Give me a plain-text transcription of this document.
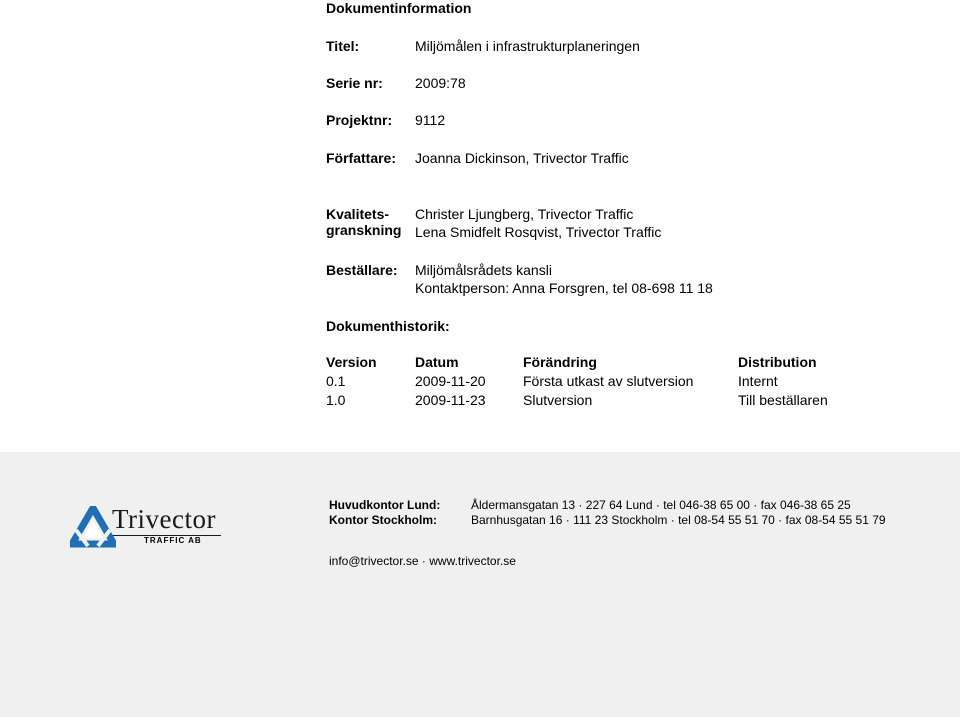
Dokumentinformation
Titel:	Miljömålen i infrastrukturplaneringen
Serie nr: 2009:78
Projektnr: 9112
Författare: Joanna Dickinson, Trivector Traffic
Kvalitets-
granskning
Christer Ljungberg, Trivector Traffic
Lena Smidfelt Rosqvist, Trivector Traffic
Beställare: Miljömålsrådets kansli
Kontaktperson: Anna Forsgren, tel 08-698 11 18
Dokumenthistorik:
Version	Datum	Förändring	Distribution
0.1	2009-11-20	Första utkast av slutversion	Internt
1.0	2009-11-23	Slutversion	Till beställaren
Trivector
TRAFFIC AB
Huvudkontor Lund:	Åldermansgatan 13 · 227 64 Lund · tel 046-38 65 00 · fax 046-38 65 25
Kontor Stockholm:	Barnhusgatan 16 · 111 23 Stockholm · tel 08-54 55 51 70 · fax 08-54 55 51 79
info@trivector.se · www.trivector.se
